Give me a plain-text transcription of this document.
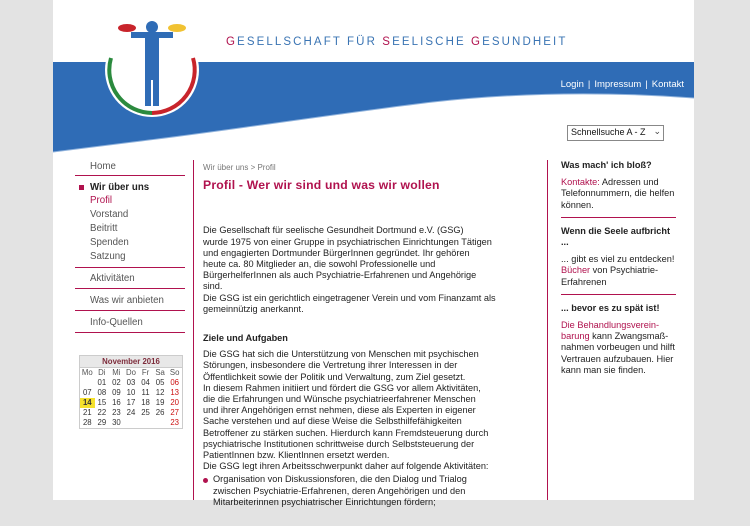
GESELLSCHAFT FÜR SEELISCHE GESUNDHEIT
Login | Impressum | Kontakt
Schnellsuche A - Z ⌄
Home
Wir über uns
Profil
Vorstand
Beitritt
Spenden
Satzung
Aktivitäten
Was wir anbieten
Info-Quellen
November 2016
Mo	Di	Mi	Do	Fr	Sa	So
	01	02	03	04	05	06
07	08	09	10	11	12	13
14	15	16	17	18	19	20
21	22	23	24	25	26	27
28	29	30				23
Wir über uns > Profil
Profil - Wer wir sind und was wir wollen
Die Gesellschaft für seelische Gesundheit Dortmund e.V. (GSG)
wurde 1975 von einer Gruppe in psychiatrischen Einrichtungen Tätigen
und engagierten Dortmunder BürgerInnen gegründet. Ihr gehören
heute ca. 80 Mitglieder an, die sowohl Professionelle und
BürgerhelferInnen als auch Psychiatrie-Erfahrenen und Angehörige
sind.
Die GSG ist ein gerichtlich eingetragener Verein und vom Finanzamt als
gemeinnützig anerkannt.
Ziele und Aufgaben
Die GSG hat sich die Unterstützung von Menschen mit psychischen
Störungen, insbesondere die Vertretung ihrer Interessen in der
Öffentlichkeit sowie der Politik und Verwaltung, zum Ziel gesetzt.
In diesem Rahmen initiiert und fördert die GSG vor allem Aktivitäten,
die die Erfahrungen und Wünsche psychiatrieerfahrener Menschen
und ihrer Angehörigen ernst nehmen, diese als Experten in eigener
Sache verstehen und auf diese Weise die Selbsthilfefähigkeiten
Betroffener zu stärken suchen. Hierdurch kann Fremdsteuerung durch
psychiatrische Institutionen schrittweise durch Selbststeuerung der
PatientInnen bzw. KlientInnen ersetzt werden.
Die GSG legt ihren Arbeitsschwerpunkt daher auf folgende Aktivitäten:
Organisation von Diskussionsforen, die den Dialog und Trialog
zwischen Psychiatrie-Erfahrenen, deren Angehörigen und den
Mitarbeiterinnen psychiatrischer Einrichtungen fördern;
Was mach' ich bloß?
Kontakte: Adressen und Telefonnummern, die helfen können.
Wenn die Seele aufbricht ...
... gibt es viel zu entdecken! Bücher von Psychiatrie-Erfahrenen
... bevor es zu spät ist!
Die Behandlungsverein-barung kann Zwangsmaß-nahmen vorbeugen und hilft Vertrauen aufzubauen. Hier kann man sie finden.
